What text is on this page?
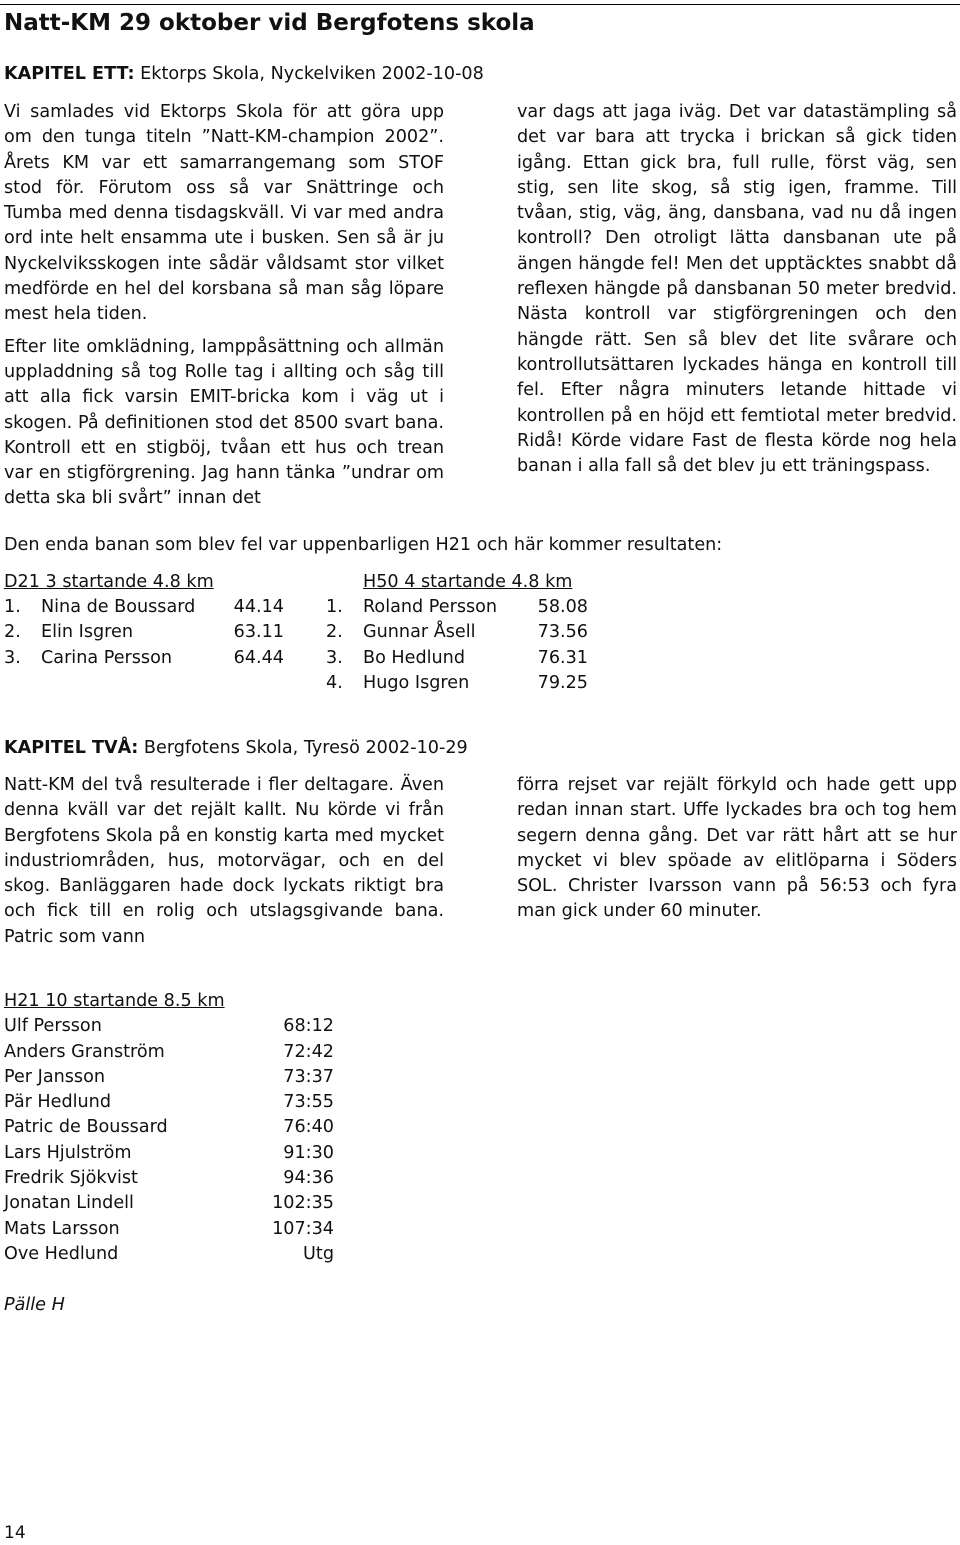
Natt-KM 29 oktober vid Bergfotens skola
KAPITEL ETT: Ektorps Skola, Nyckelviken 2002-10-08

Vi samlades vid Ektorps Skola för att göra upp om den tunga titeln ”Natt-KM-champion 2002”. Årets KM var ett samarrangemang som STOF stod för. Förutom oss så var Snättringe och Tumba med denna tisdagskväll. Vi var med andra ord inte helt ensamma ute i busken. Sen så är ju Nyckelviksskogen inte sådär våldsamt stor vilket medförde en hel del korsbana så man såg löpare mest hela tiden.

Efter lite omklädning, lamppåsättning och allmän uppladdning så tog Rolle tag i allting och såg till att alla fick varsin EMIT-bricka kom i väg ut i skogen. På definitionen stod det 8500 svart bana. Kontroll ett en stigböj, tvåan ett hus och trean var en stigförgrening. Jag hann tänka ”undrar om detta ska bli svårt” innan det

var dags att jaga iväg. Det var datastämpling så det var bara att trycka i brickan så gick tiden igång. Ettan gick bra, full rulle, först väg, sen stig, sen lite skog, så stig igen, framme. Till tvåan, stig, väg, äng, dansbana, vad nu då ingen kontroll? Den otroligt lätta dansbanan ute på ängen hängde fel! Men det upptäcktes snabbt då reflexen hängde på dansbanan 50 meter bredvid. Nästa kontroll var stigförgreningen och den hängde rätt. Sen så blev det lite svårare och kontrollutsättaren lyckades hänga en kontroll till fel. Efter några minuters letande hittade vi kontrollen på en höjd ett femtiotal meter bredvid. Ridå! Körde vidare Fast de flesta körde nog hela banan i alla fall så det blev ju ett träningspass.

Den enda banan som blev fel var uppenbarligen H21 och här kommer resultaten:
D21 3 startande 4.8 km
1. Nina de Boussard 44.14
2. Elin Isgren	63.11
3. Carina Persson	64.44
H50 4 startande 4.8 km
1. Roland Persson 58.08
2. Gunnar Åsell	73.56
3. Bo Hedlund	76.31
4. Hugo Isgren	79.25
KAPITEL TVÅ: Bergfotens Skola, Tyresö 2002-10-29

Natt-KM del två resulterade i fler deltagare. Även denna kväll var det rejält kallt. Nu körde vi från Bergfotens Skola på en konstig karta med mycket industriområden, hus, motorvägar, och en del skog. Banläggaren hade dock lyckats riktigt bra och fick till en rolig och utslagsgivande bana. Patric som vann

förra rejset var rejält förkyld och hade gett upp redan innan start. Uffe lyckades bra och tog hem segern denna gång. Det var rätt hårt att se hur mycket vi blev spöade av elitlöparna i Söders SOL. Christer Ivarsson vann på 56:53 och fyra man gick under 60 minuter.

H21 10 startande 8.5 km
Ulf Persson	68:12
Anders Granström	72:42
Per Jansson	73:37
Pär Hedlund	73:55
Patric de Boussard	76:40
Lars Hjulström	91:30
Fredrik Sjökvist	94:36
Jonatan Lindell	102:35
Mats Larsson	107:34
Ove Hedlund	Utg
Pälle H
14
